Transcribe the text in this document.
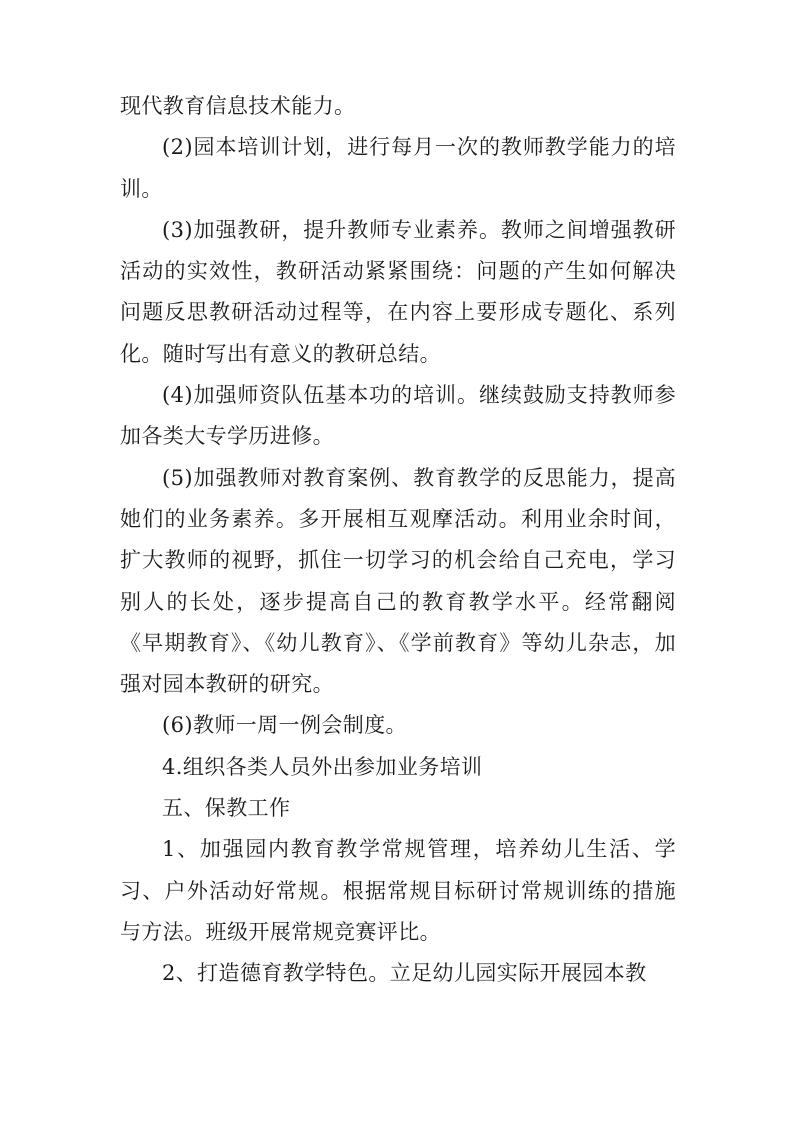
现代教育信息技术能力。

(2)园本培训计划，进行每月一次的教师教学能力的培训。

(3)加强教研，提升教师专业素养。教师之间增强教研活动的实效性，教研活动紧紧围绕：问题的产生如何解决问题反思教研活动过程等，在内容上要形成专题化、系列化。随时写出有意义的教研总结。

(4)加强师资队伍基本功的培训。继续鼓励支持教师参加各类大专学历进修。

(5)加强教师对教育案例、教育教学的反思能力，提高她们的业务素养。多开展相互观摩活动。利用业余时间，扩大教师的视野，抓住一切学习的机会给自己充电，学习别人的长处，逐步提高自己的教育教学水平。经常翻阅《早期教育》、《幼儿教育》、《学前教育》等幼儿杂志，加强对园本教研的研究。

(6)教师一周一例会制度。

4.组织各类人员外出参加业务培训

五、保教工作

1、加强园内教育教学常规管理，培养幼儿生活、学习、户外活动好常规。根据常规目标研讨常规训练的措施与方法。班级开展常规竞赛评比。

2、打造德育教学特色。立足幼儿园实际开展园本教
